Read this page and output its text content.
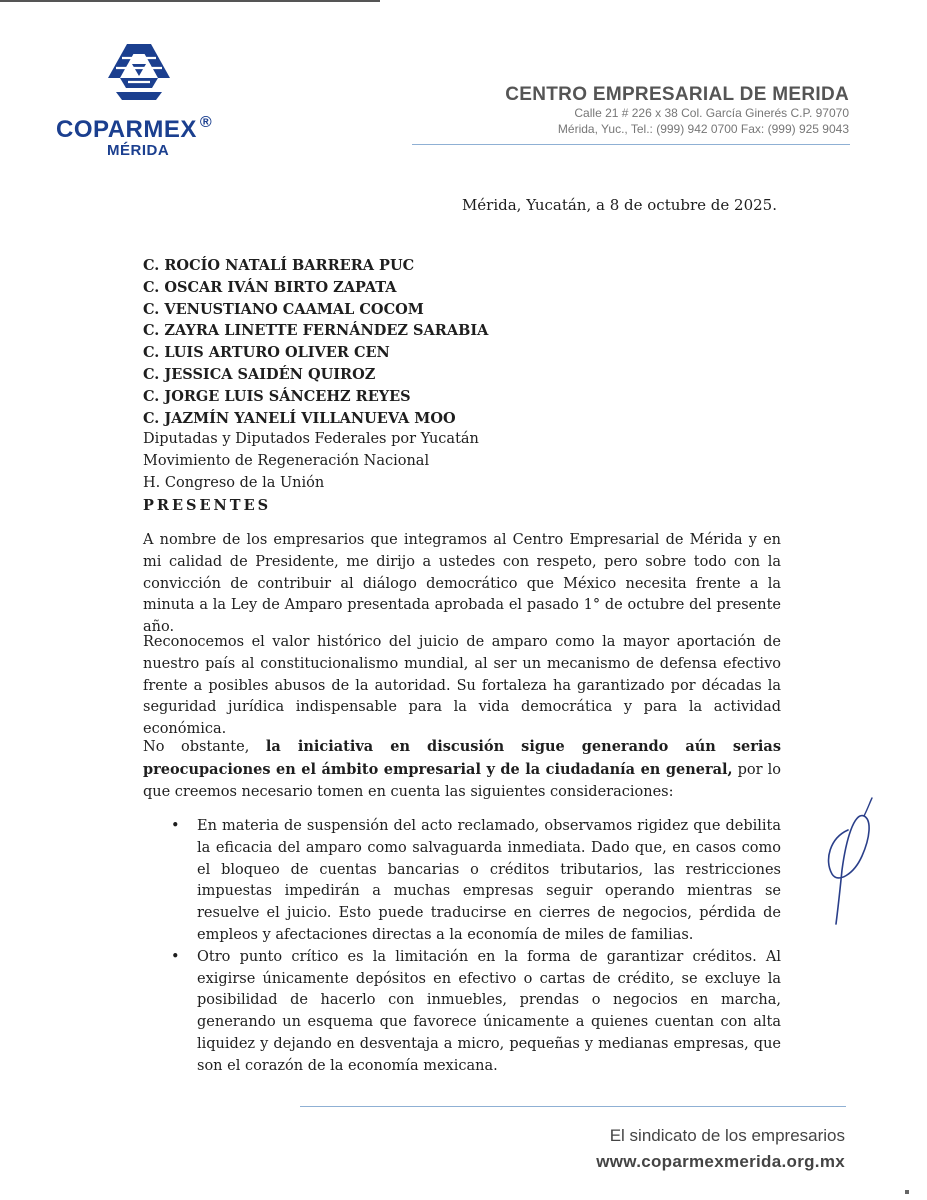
COPARMEX ®
MÉRIDA
CENTRO EMPRESARIAL DE MERIDA
Calle 21 # 226 x 38 Col. García Ginerés C.P. 97070
Mérida, Yuc., Tel.: (999) 942 0700 Fax: (999) 925 9043
Mérida, Yucatán, a 8 de octubre de 2025.
C. ROCÍO NATALÍ BARRERA PUC
C. OSCAR IVÁN BIRTO ZAPATA
C. VENUSTIANO CAAMAL COCOM
C. ZAYRA LINETTE FERNÁNDEZ SARABIA
C. LUIS ARTURO OLIVER CEN
C. JESSICA SAIDÉN QUIROZ
C. JORGE LUIS SÁNCEHZ REYES
C. JAZMÍN YANELÍ VILLANUEVA MOO
Diputadas y Diputados Federales por Yucatán
Movimiento de Regeneración Nacional
H. Congreso de la Unión
PRESENTES

A nombre de los empresarios que integramos al Centro Empresarial de Mérida y en mi calidad de Presidente, me dirijo a ustedes con respeto, pero sobre todo con la convicción de contribuir al diálogo democrático que México necesita frente a la minuta a la Ley de Amparo presentada aprobada el pasado 1° de octubre del presente año.

Reconocemos el valor histórico del juicio de amparo como la mayor aportación de nuestro país al constitucionalismo mundial, al ser un mecanismo de defensa efectivo frente a posibles abusos de la autoridad. Su fortaleza ha garantizado por décadas la seguridad jurídica indispensable para la vida democrática y para la actividad económica.

No obstante, la iniciativa en discusión sigue generando aún serias preocupaciones en el ámbito empresarial y de la ciudadanía en general, por lo que creemos necesario tomen en cuenta las siguientes consideraciones:

• En materia de suspensión del acto reclamado, observamos rigidez que debilita la eficacia del amparo como salvaguarda inmediata. Dado que, en casos como el bloqueo de cuentas bancarias o créditos tributarios, las restricciones impuestas impedirán a muchas empresas seguir operando mientras se resuelve el juicio. Esto puede traducirse en cierres de negocios, pérdida de empleos y afectaciones directas a la economía de miles de familias.
• Otro punto crítico es la limitación en la forma de garantizar créditos. Al exigirse únicamente depósitos en efectivo o cartas de crédito, se excluye la posibilidad de hacerlo con inmuebles, prendas o negocios en marcha, generando un esquema que favorece únicamente a quienes cuentan con alta liquidez y dejando en desventaja a micro, pequeñas y medianas empresas, que son el corazón de la economía mexicana.
El sindicato de los empresarios
www.coparmexmerida.org.mx
